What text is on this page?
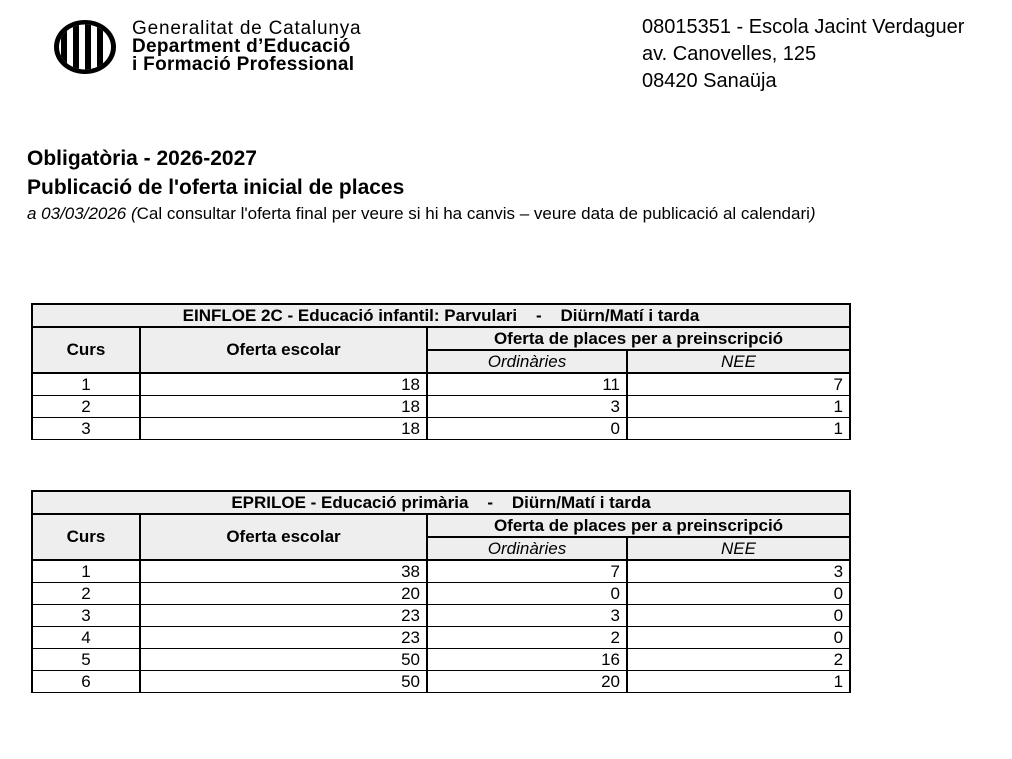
Generalitat de Catalunya
Department d’Educació
i Formació Professional
08015351 - Escola Jacint Verdaguer
av. Canovelles, 125
08420 Sanaüja
Obligatòria - 2026-2027
Publicació de l'oferta inicial de places
a 03/03/2026 (Cal consultar l'oferta final per veure si hi ha canvis – veure data de publicació al calendari)
EINFLOE 2C - Educació infantil: Parvulari    -    Diürn/Matí i tarda			
Curs	Oferta escolar	Oferta de places per a preinscripció	
		Ordinàries	NEE
1	18	11	7
2	18	3	1
3	18	0	1
EPRILOE - Educació primària    -    Diürn/Matí i tarda			
Curs	Oferta escolar	Oferta de places per a preinscripció	
		Ordinàries	NEE
1	38	7	3
2	20	0	0
3	23	3	0
4	23	2	0
5	50	16	2
6	50	20	1
